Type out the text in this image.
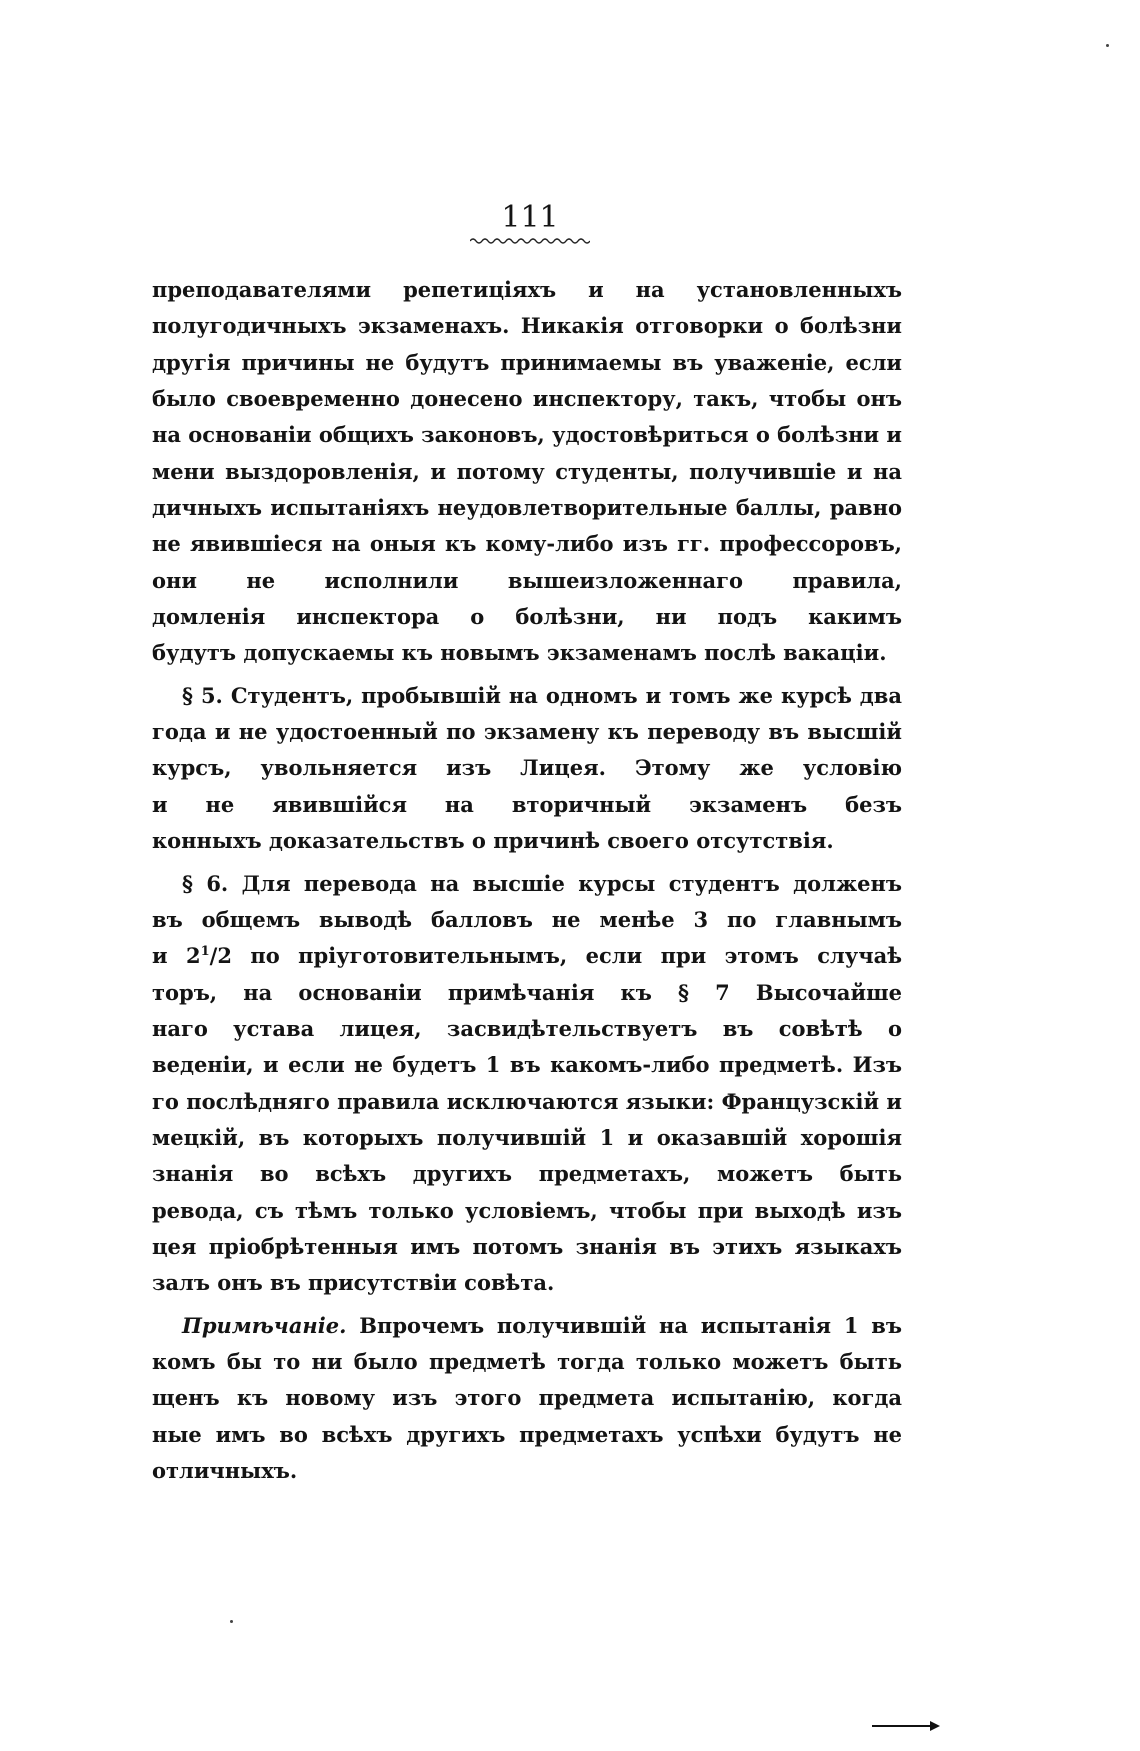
111
преподавателями репетиціяхъ и на установленныхъ
полугодичныхъ экзаменахъ. Никакія отговорки о болѣзни
другія причины не будутъ принимаемы въ уваженіе, если
было своевременно донесено инспектору, такъ, чтобы онъ
на основаніи общихъ законовъ, удостовѣриться о болѣзни и
мени выздоровленія, и потому студенты, получившіе и на
дичныхъ испытаніяхъ неудовлетворительные баллы, равно
не явившіеся на оныя къ кому-либо изъ гг. профессоровъ,
они не исполнили вышеизложеннаго правила,
домленія инспектора о болѣзни, ни подъ какимъ
будутъ допускаемы къ новымъ экзаменамъ послѣ вакаціи.
§ 5. Студентъ, пробывшій на одномъ и томъ же курсѣ два
года и не удостоенный по экзамену къ переводу въ высшій
курсъ, увольняется изъ Лицея. Этому же условію
и не явившійся на вторичный экзаменъ безъ
конныхъ доказательствъ о причинѣ своего отсутствія.
§ 6. Для перевода на высшіе курсы студентъ долженъ
въ общемъ выводѣ балловъ не менѣе 3 по главнымъ
и $2^1/2$ по пріуготовительнымъ, если при этомъ случаѣ
торъ, на основаніи примѣчанія къ § 7 Высочайше
наго устава лицея, засвидѣтельствуетъ въ совѣтѣ о
веденіи, и если не будетъ 1 въ какомъ-либо предметѣ. Изъ
го послѣдняго правила исключаются языки: Французскій и
мецкій, въ которыхъ получившій 1 и оказавшій хорошія
знанія во всѣхъ другихъ предметахъ, можетъ быть
ревода, съ тѣмъ только условіемъ, чтобы при выходѣ изъ
цея пріобрѣтенныя имъ потомъ знанія въ этихъ языкахъ
залъ онъ въ присутствіи совѣта.
Примѣчаніе. Впрочемъ получившій на испытанія 1 въ
комъ бы то ни было предметѣ тогда только можетъ быть
щенъ къ новому изъ этого предмета испытанію, когда
ные имъ во всѣхъ другихъ предметахъ успѣхи будутъ не
отличныхъ.
